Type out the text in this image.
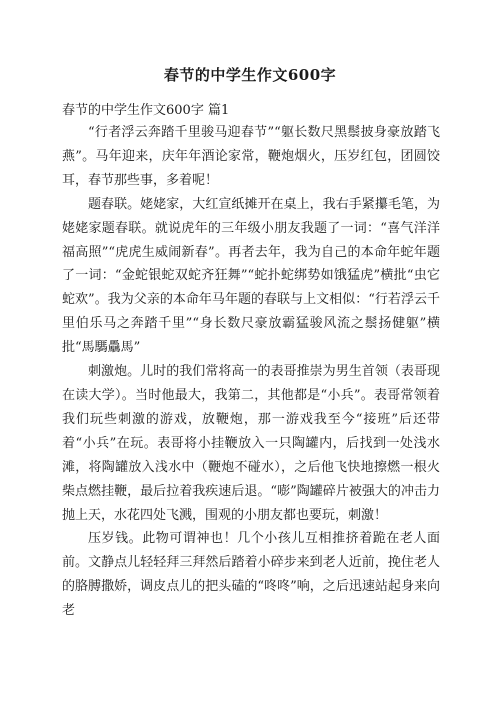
春节的中学生作文600字
春节的中学生作文600字 篇1

“行者浮云奔踏千里骏马迎春节”“躯长数尺黑鬃披身豪放踏飞燕”。马年迎来，庆年年酒论家常，鞭炮烟火，压岁红包，团圆饺耳，春节那些事，多着呢！

题春联。姥姥家，大红宣纸摊开在桌上，我右手紧攥毛笔，为姥姥家题春联。就说虎年的三年级小朋友我题了一词：“喜气洋洋福高照”“虎虎生威闹新春”。再者去年，我为自己的本命年蛇年题了一词：“金蛇银蛇双蛇齐狂舞”“蛇扑蛇绑势如饿猛虎”横批“虫它蛇欢”。我为父亲的本命年马年题的春联与上文相似：“行若浮云千里伯乐马之奔踏千里”“身长数尺豪放霸猛骏风流之鬃扬健躯”横批“馬騳驫馬”

刺激炮。儿时的我们常将高一的表哥推崇为男生首领（表哥现在读大学）。当时他最大，我第二，其他都是“小兵”。表哥常领着我们玩些刺激的游戏，放鞭炮，那一游戏我至今“接班”后还带着“小兵”在玩。表哥将小挂鞭放入一只陶罐内，后找到一处浅水滩，将陶罐放入浅水中（鞭炮不碰水），之后他飞快地擦燃一根火柴点燃挂鞭，最后拉着我疾速后退。“嘭”陶罐碎片被强大的冲击力抛上天，水花四处飞溅，围观的小朋友都也要玩，刺激！

压岁钱。此物可谓神也！几个小孩儿互相推挤着跪在老人面前。文静点儿轻轻拜三拜然后踏着小碎步来到老人近前，挽住老人的胳膊撒娇，调皮点儿的把头磕的“咚咚”响，之后迅速站起身来向老
